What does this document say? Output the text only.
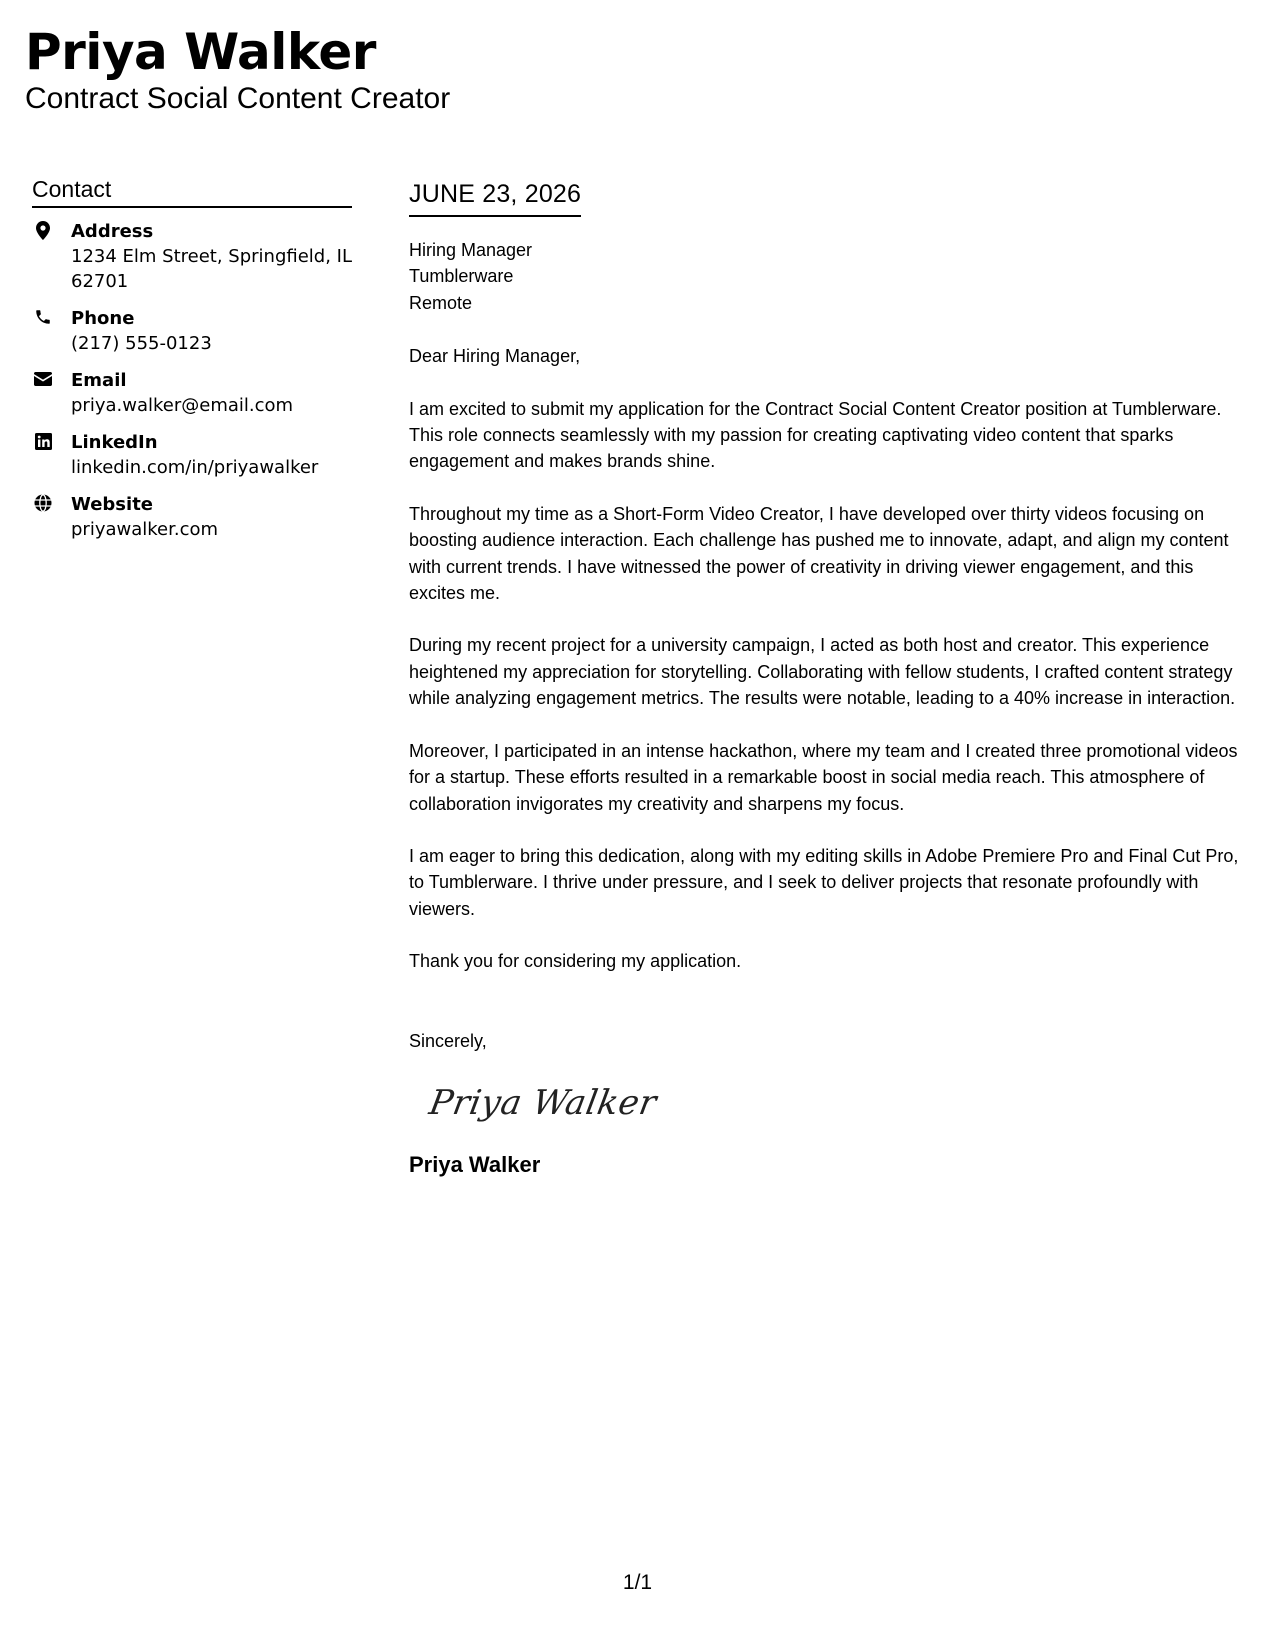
Priya Walker
Contract Social Content Creator
Contact
Address
1234 Elm Street, Springfield, IL 62701
Phone
(217) 555-0123
Email
priya.walker@email.com
LinkedIn
linkedin.com/in/priyawalker
Website
priyawalker.com
JUNE 23, 2026
Hiring Manager
Tumblerware
Remote
Dear Hiring Manager,
I am excited to submit my application for the Contract Social Content Creator position at Tumblerware. This role connects seamlessly with my passion for creating captivating video content that sparks engagement and makes brands shine.
Throughout my time as a Short-Form Video Creator, I have developed over thirty videos focusing on boosting audience interaction. Each challenge has pushed me to innovate, adapt, and align my content with current trends. I have witnessed the power of creativity in driving viewer engagement, and this excites me.
During my recent project for a university campaign, I acted as both host and creator. This experience heightened my appreciation for storytelling. Collaborating with fellow students, I crafted content strategy while analyzing engagement metrics. The results were notable, leading to a 40% increase in interaction.
Moreover, I participated in an intense hackathon, where my team and I created three promotional videos for a startup. These efforts resulted in a remarkable boost in social media reach. This atmosphere of collaboration invigorates my creativity and sharpens my focus.
I am eager to bring this dedication, along with my editing skills in Adobe Premiere Pro and Final Cut Pro, to Tumblerware. I thrive under pressure, and I seek to deliver projects that resonate profoundly with viewers.
Thank you for considering my application.
Sincerely,
Priya Walker
Priya Walker
1/1
